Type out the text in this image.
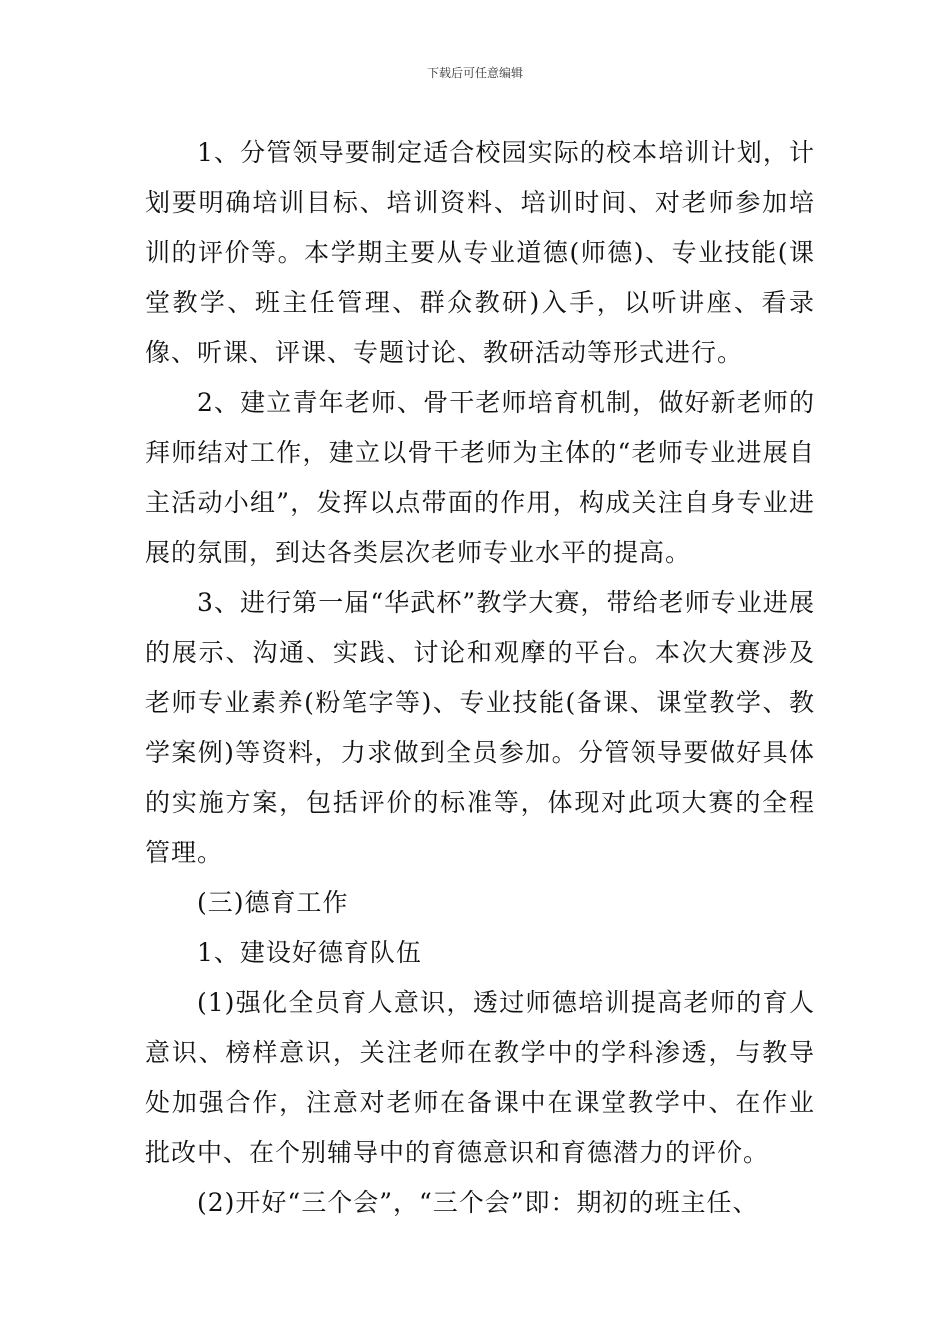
下载后可任意编辑

1、分管领导要制定适合校园实际的校本培训计划，计划要明确培训目标、培训资料、培训时间、对老师参加培训的评价等。本学期主要从专业道德(师德)、专业技能(课堂教学、班主任管理、群众教研)入手，以听讲座、看录像、听课、评课、专题讨论、教研活动等形式进行。

2、建立青年老师、骨干老师培育机制，做好新老师的拜师结对工作，建立以骨干老师为主体的“老师专业进展自主活动小组”，发挥以点带面的作用，构成关注自身专业进展的氛围，到达各类层次老师专业水平的提高。

3、进行第一届“华武杯”教学大赛，带给老师专业进展的展示、沟通、实践、讨论和观摩的平台。本次大赛涉及老师专业素养(粉笔字等)、专业技能(备课、课堂教学、教学案例)等资料，力求做到全员参加。分管领导要做好具体的实施方案，包括评价的标准等，体现对此项大赛的全程管理。

(三)德育工作

1、建设好德育队伍

(1)强化全员育人意识，透过师德培训提高老师的育人意识、榜样意识，关注老师在教学中的学科渗透，与教导处加强合作，注意对老师在备课中在课堂教学中、在作业批改中、在个别辅导中的育德意识和育德潜力的评价。

(2)开好“三个会”，“三个会”即：期初的班主任、
